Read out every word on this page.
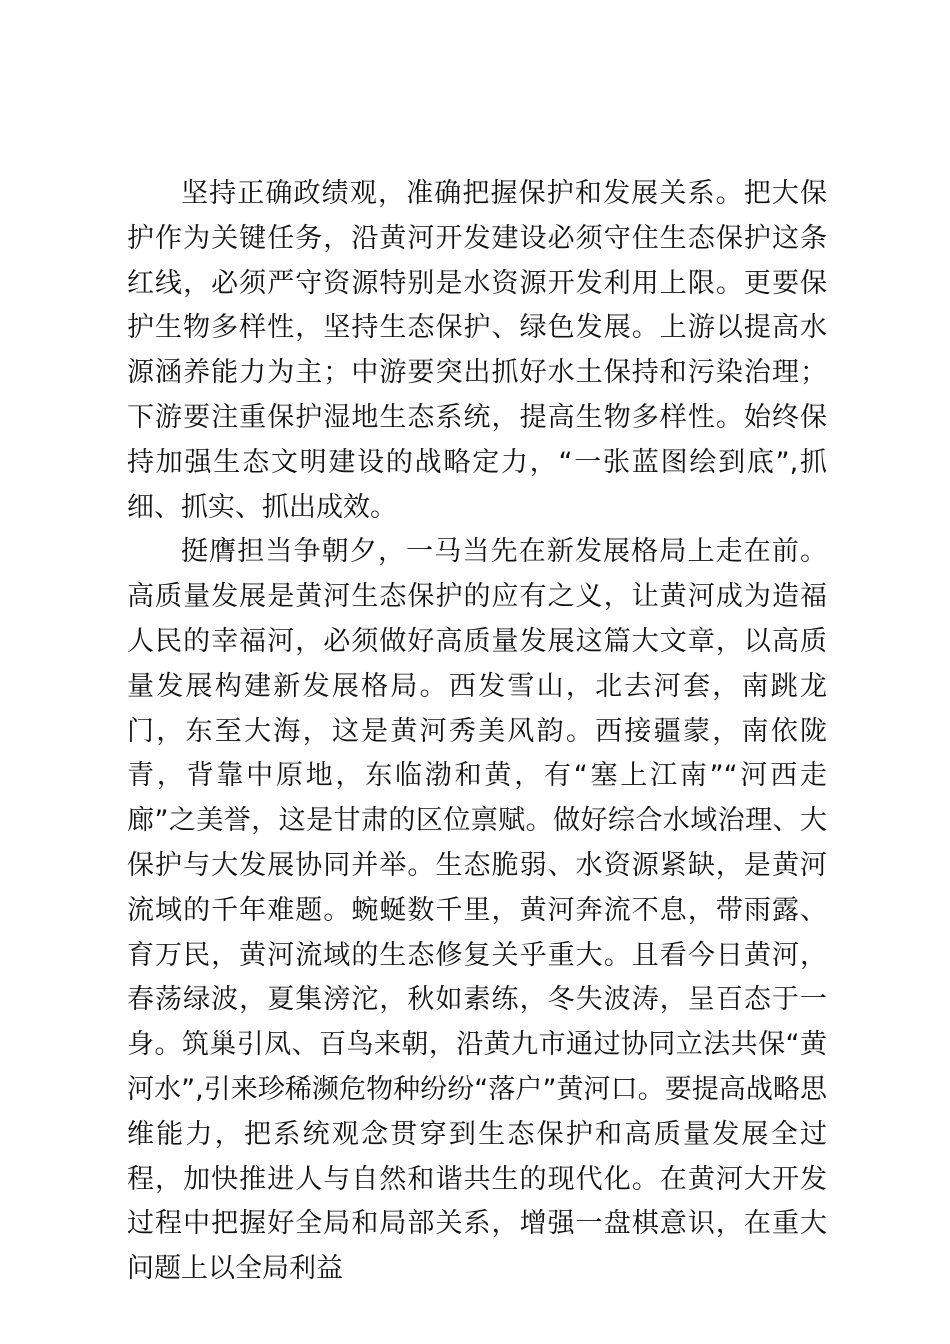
坚持正确政绩观，准确把握保护和发展关系。把大保护作为关键任务，沿黄河开发建设必须守住生态保护这条红线，必须严守资源特别是水资源开发利用上限。更要保护生物多样性，坚持生态保护、绿色发展。上游以提高水源涵养能力为主；中游要突出抓好水土保持和污染治理；下游要注重保护湿地生态系统，提高生物多样性。始终保持加强生态文明建设的战略定力，“一张蓝图绘到底”,抓细、抓实、抓出成效。

挺膺担当争朝夕，一马当先在新发展格局上走在前。高质量发展是黄河生态保护的应有之义，让黄河成为造福人民的幸福河，必须做好高质量发展这篇大文章，以高质量发展构建新发展格局。西发雪山，北去河套，南跳龙门，东至大海，这是黄河秀美风韵。西接疆蒙，南依陇青，背靠中原地，东临渤和黄，有“塞上江南”“河西走廊”之美誉，这是甘肃的区位禀赋。做好综合水域治理、大保护与大发展协同并举。生态脆弱、水资源紧缺，是黄河流域的千年难题。蜿蜒数千里，黄河奔流不息，带雨露、育万民，黄河流域的生态修复关乎重大。且看今日黄河，春荡绿波，夏集滂沱，秋如素练，冬失波涛，呈百态于一身。筑巢引凤、百鸟来朝，沿黄九市通过协同立法共保“黄河水”,引来珍稀濒危物种纷纷“落户”黄河口。要提高战略思维能力，把系统观念贯穿到生态保护和高质量发展全过程，加快推进人与自然和谐共生的现代化。在黄河大开发过程中把握好全局和局部关系，增强一盘棋意识，在重大问题上以全局利益
